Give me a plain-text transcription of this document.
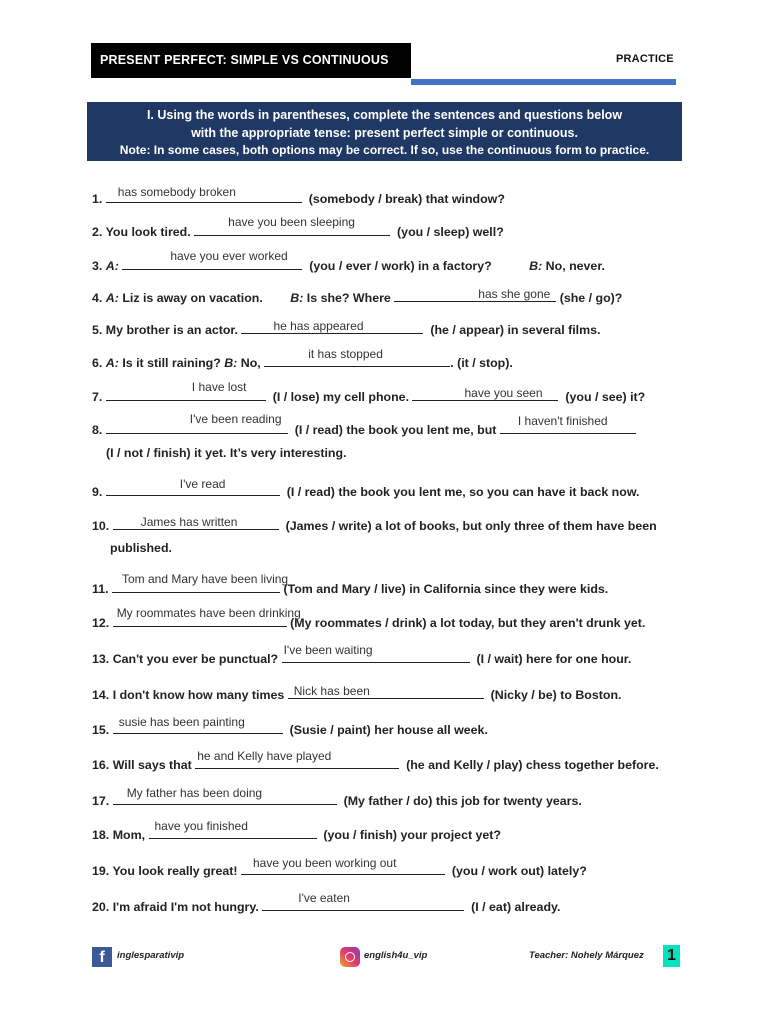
PRESENT PERFECT: SIMPLE VS CONTINUOUS	PRACTICE
I. Using the words in parentheses, complete the sentences and questions below
with the appropriate tense: present perfect simple or continuous.
Note: In some cases, both options may be correct. If so, use the continuous form to practice.
1. has somebody broken	(somebody / break) that window?
2. You look tired.
have you been sleeping
(you / sleep) well?
3. A:
have you ever worked
(you / ever / work) in a factory?	B: No, never.
4. A: Liz is away on vacation. B: Is she? Where	has she gone (she / go)?
5. My brother is an actor.	he has appeared	(he / appear) in several films.
6. A: Is it still raining? B: No,
it has stopped
. (it / stop).
7.
I have lost
(I / lose) my cell phone.	have you seen (you / see) it?
8.
I've been reading
(I / read) the book you lent me, but
I haven't finished
(I / not / finish) it yet. It’s very interesting.
9.
I've read
(I / read) the book you lent me, so you can have it back now.
10.	James has written	(James / write) a lot of books, but only three of them have been
published.
11.
Tom and Mary have been living
(Tom and Mary / live) in California since they were kids.
12.
My roommates have been drinking
(My roommates / drink) a lot today, but they aren't drunk yet.
13. Can't you ever be punctual?
I've been waiting
(I / wait) here for one hour.
14. I don't know how many times Nick has been	(Nicky / be) to Boston.
15.
susie has been painting
(Susie / paint) her house all week.
16. Will says that
he and Kelly have played
(he and Kelly / play) chess together before.
17.
My father has been doing
(My father / do) this job for twenty years.
18. Mom,
have you finished
(you / finish) your project yet?
19. You look really great!
have you been working out
(you / work out) lately?
20. I'm afraid I'm not hungry.
I've eaten
(I / eat) already.
f	inglesparativip	english4u_vip	Teacher: Nohely Márquez 1
